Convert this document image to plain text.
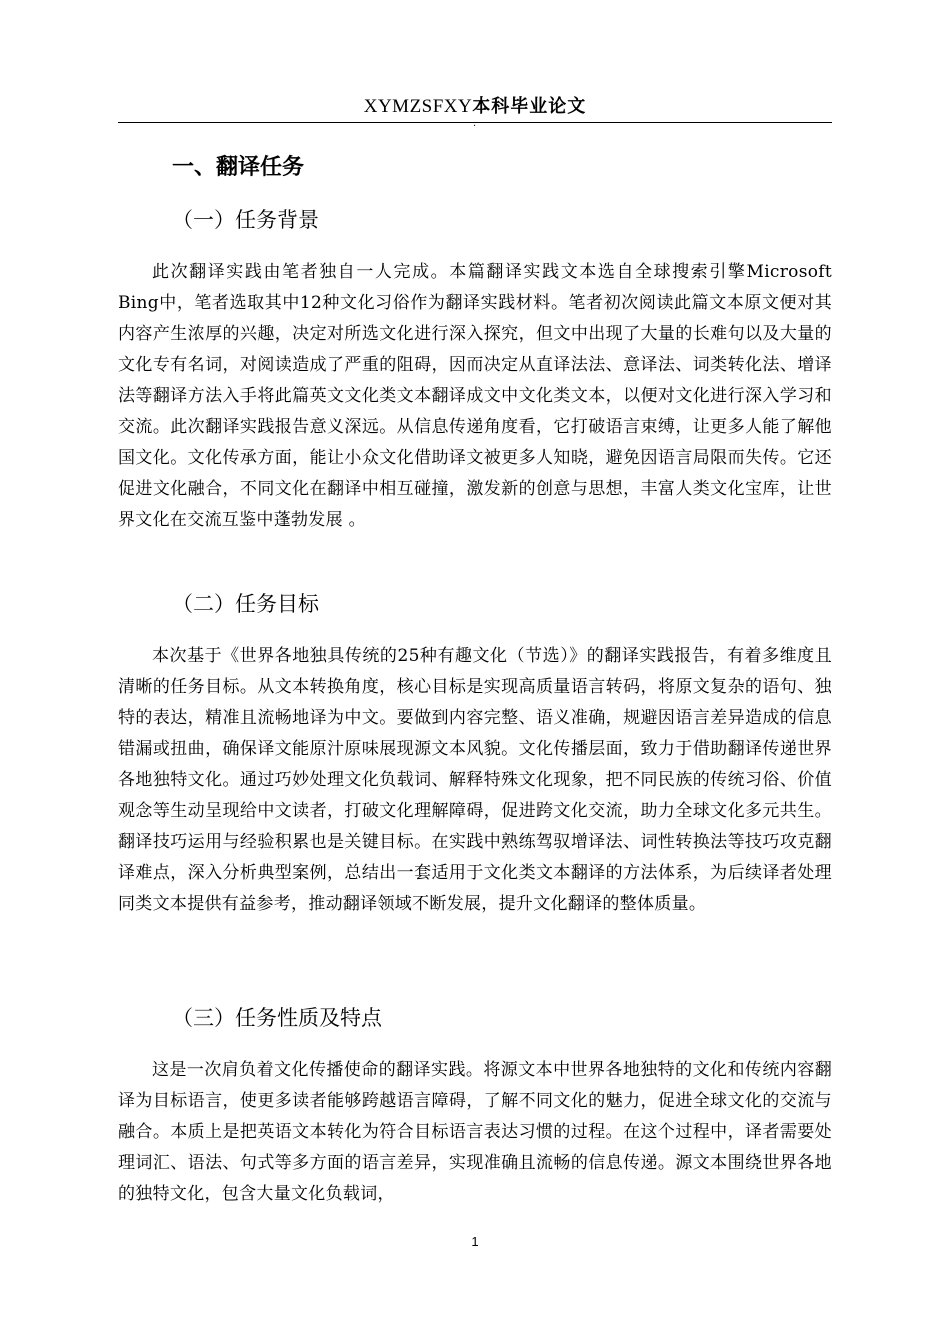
XYMZSFXY本科毕业论文
·
一、翻译任务
（一）任务背景

此次翻译实践由笔者独自一人完成。本篇翻译实践文本选自全球搜索引擎Microsoft Bing中，笔者选取其中12种文化习俗作为翻译实践材料。笔者初次阅读此篇文本原文便对其内容产生浓厚的兴趣，决定对所选文化进行深入探究，但文中出现了大量的长难句以及大量的文化专有名词，对阅读造成了严重的阻碍，因而决定从直译法法、意译法、词类转化法、增译法等翻译方法入手将此篇英文文化类文本翻译成文中文化类文本，以便对文化进行深入学习和交流。此次翻译实践报告意义深远。从信息传递角度看，它打破语言束缚，让更多人能了解他国文化。文化传承方面，能让小众文化借助译文被更多人知晓，避免因语言局限而失传。它还促进文化融合，不同文化在翻译中相互碰撞，激发新的创意与思想，丰富人类文化宝库，让世界文化在交流互鉴中蓬勃发展 。

（二）任务目标

本次基于《世界各地独具传统的25种有趣文化（节选）》的翻译实践报告，有着多维度且清晰的任务目标。从文本转换角度，核心目标是实现高质量语言转码，将原文复杂的语句、独特的表达，精准且流畅地译为中文。要做到内容完整、语义准确，规避因语言差异造成的信息错漏或扭曲，确保译文能原汁原味展现源文本风貌。文化传播层面，致力于借助翻译传递世界各地独特文化。通过巧妙处理文化负载词、解释特殊文化现象，把不同民族的传统习俗、价值观念等生动呈现给中文读者，打破文化理解障碍，促进跨文化交流，助力全球文化多元共生。翻译技巧运用与经验积累也是关键目标。在实践中熟练驾驭增译法、词性转换法等技巧攻克翻译难点，深入分析典型案例，总结出一套适用于文化类文本翻译的方法体系，为后续译者处理同类文本提供有益参考，推动翻译领域不断发展，提升文化翻译的整体质量。

（三）任务性质及特点

这是一次肩负着文化传播使命的翻译实践。将源文本中世界各地独特的文化和传统内容翻译为目标语言，使更多读者能够跨越语言障碍，了解不同文化的魅力，促进全球文化的交流与融合。本质上是把英语文本转化为符合目标语言表达习惯的过程。在这个过程中，译者需要处理词汇、语法、句式等多方面的语言差异，实现准确且流畅的信息传递。源文本围绕世界各地的独特文化，包含大量文化负载词，

1
